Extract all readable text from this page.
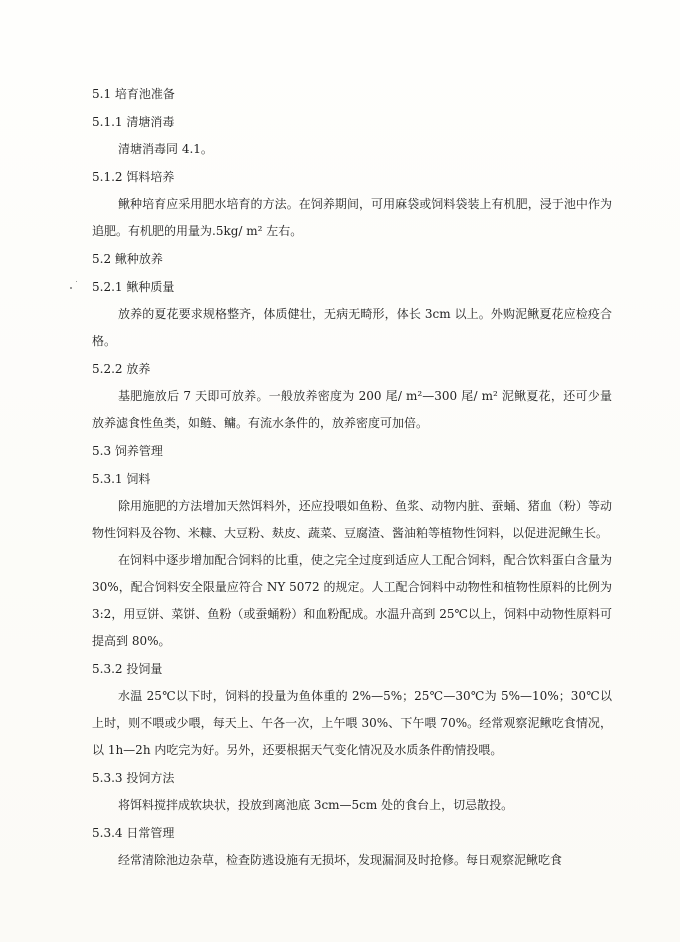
5.1 培育池准备

5.1.1 清塘消毒

清塘消毒同 4.1。

5.1.2 饵料培养

鳅种培育应采用肥水培育的方法。在饲养期间，可用麻袋或饲料袋装上有机肥，浸于池中作为追肥。有机肥的用量为.5kg/ m² 左右。

5.2 鳅种放养

5.2.1 鳅种质量

放养的夏花要求规格整齐，体质健壮，无病无畸形，体长 3cm 以上。外购泥鳅夏花应检疫合格。

5.2.2 放养

基肥施放后 7 天即可放养。一般放养密度为 200 尾/ m²—300 尾/ m² 泥鳅夏花，还可少量放养滤食性鱼类，如鲢、鳙。有流水条件的，放养密度可加倍。

5.3 饲养管理

5.3.1 饲料

除用施肥的方法增加天然饵料外，还应投喂如鱼粉、鱼浆、动物内脏、蚕蛹、猪血（粉）等动物性饲料及谷物、米糠、大豆粉、麸皮、蔬菜、豆腐渣、酱油粕等植物性饲料，以促进泥鳅生长。

在饲料中逐步增加配合饲料的比重，使之完全过度到适应人工配合饲料，配合饮料蛋白含量为 30%，配合饲料安全限量应符合 NY 5072 的规定。人工配合饲料中动物性和植物性原料的比例为 3:2，用豆饼、菜饼、鱼粉（或蚕蛹粉）和血粉配成。水温升高到 25℃以上，饲料中动物性原料可提高到 80%。

5.3.2 投饲量

水温 25℃以下时，饲料的投量为鱼体重的 2%—5%；25℃—30℃为 5%—10%；30℃以上时，则不喂或少喂，每天上、午各一次，上午喂 30%、下午喂 70%。经常观察泥鳅吃食情况，以 1h—2h 内吃完为好。另外，还要根据天气变化情况及水质条件酌情投喂。

5.3.3 投饲方法

将饵料搅拌成软块状，投放到离池底 3cm—5cm 处的食台上，切忌散投。

5.3.4 日常管理

经常清除池边杂草，检查防逃设施有无损坏，发现漏洞及时抢修。每日观察泥鳅吃食
